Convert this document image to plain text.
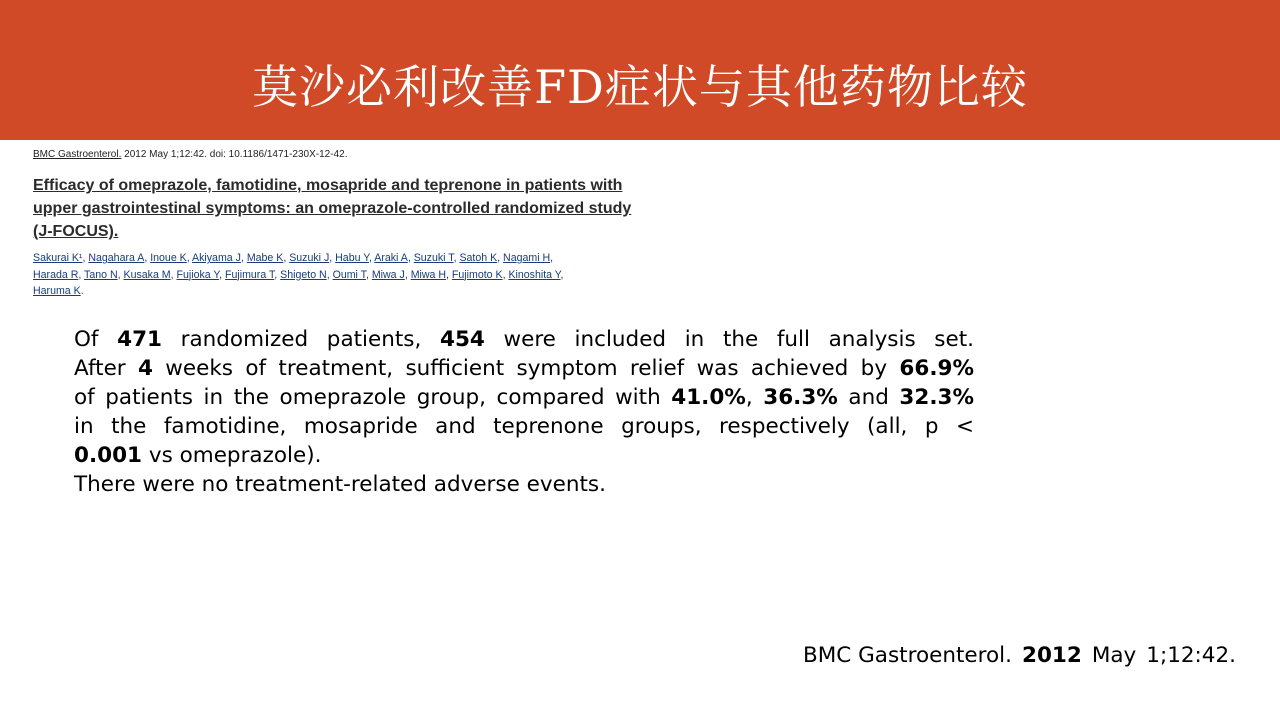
莫沙必利改善FD症状与其他药物比较
BMC Gastroenterol. 2012 May 1;12:42. doi: 10.1186/1471-230X-12-42.
Efficacy of omeprazole, famotidine, mosapride and teprenone in patients with upper gastrointestinal symptoms: an omeprazole-controlled randomized study (J-FOCUS).
Sakurai K¹, Nagahara A, Inoue K, Akiyama J, Mabe K, Suzuki J, Habu Y, Araki A, Suzuki T, Satoh K, Nagami H,
Harada R, Tano N, Kusaka M, Fujioka Y, Fujimura T, Shigeto N, Oumi T, Miwa J, Miwa H, Fujimoto K, Kinoshita Y,
Haruma K.
Of 471 randomized patients, 454 were included in the full analysis set.
After 4 weeks of treatment, sufficient symptom relief was achieved by 66.9%
of patients in the omeprazole group, compared with 41.0%, 36.3% and 32.3%
in the famotidine, mosapride and teprenone groups, respectively (all, p <
0.001 vs omeprazole).
There were no treatment-related adverse events.
BMC Gastroenterol. 2012 May 1;12:42.
